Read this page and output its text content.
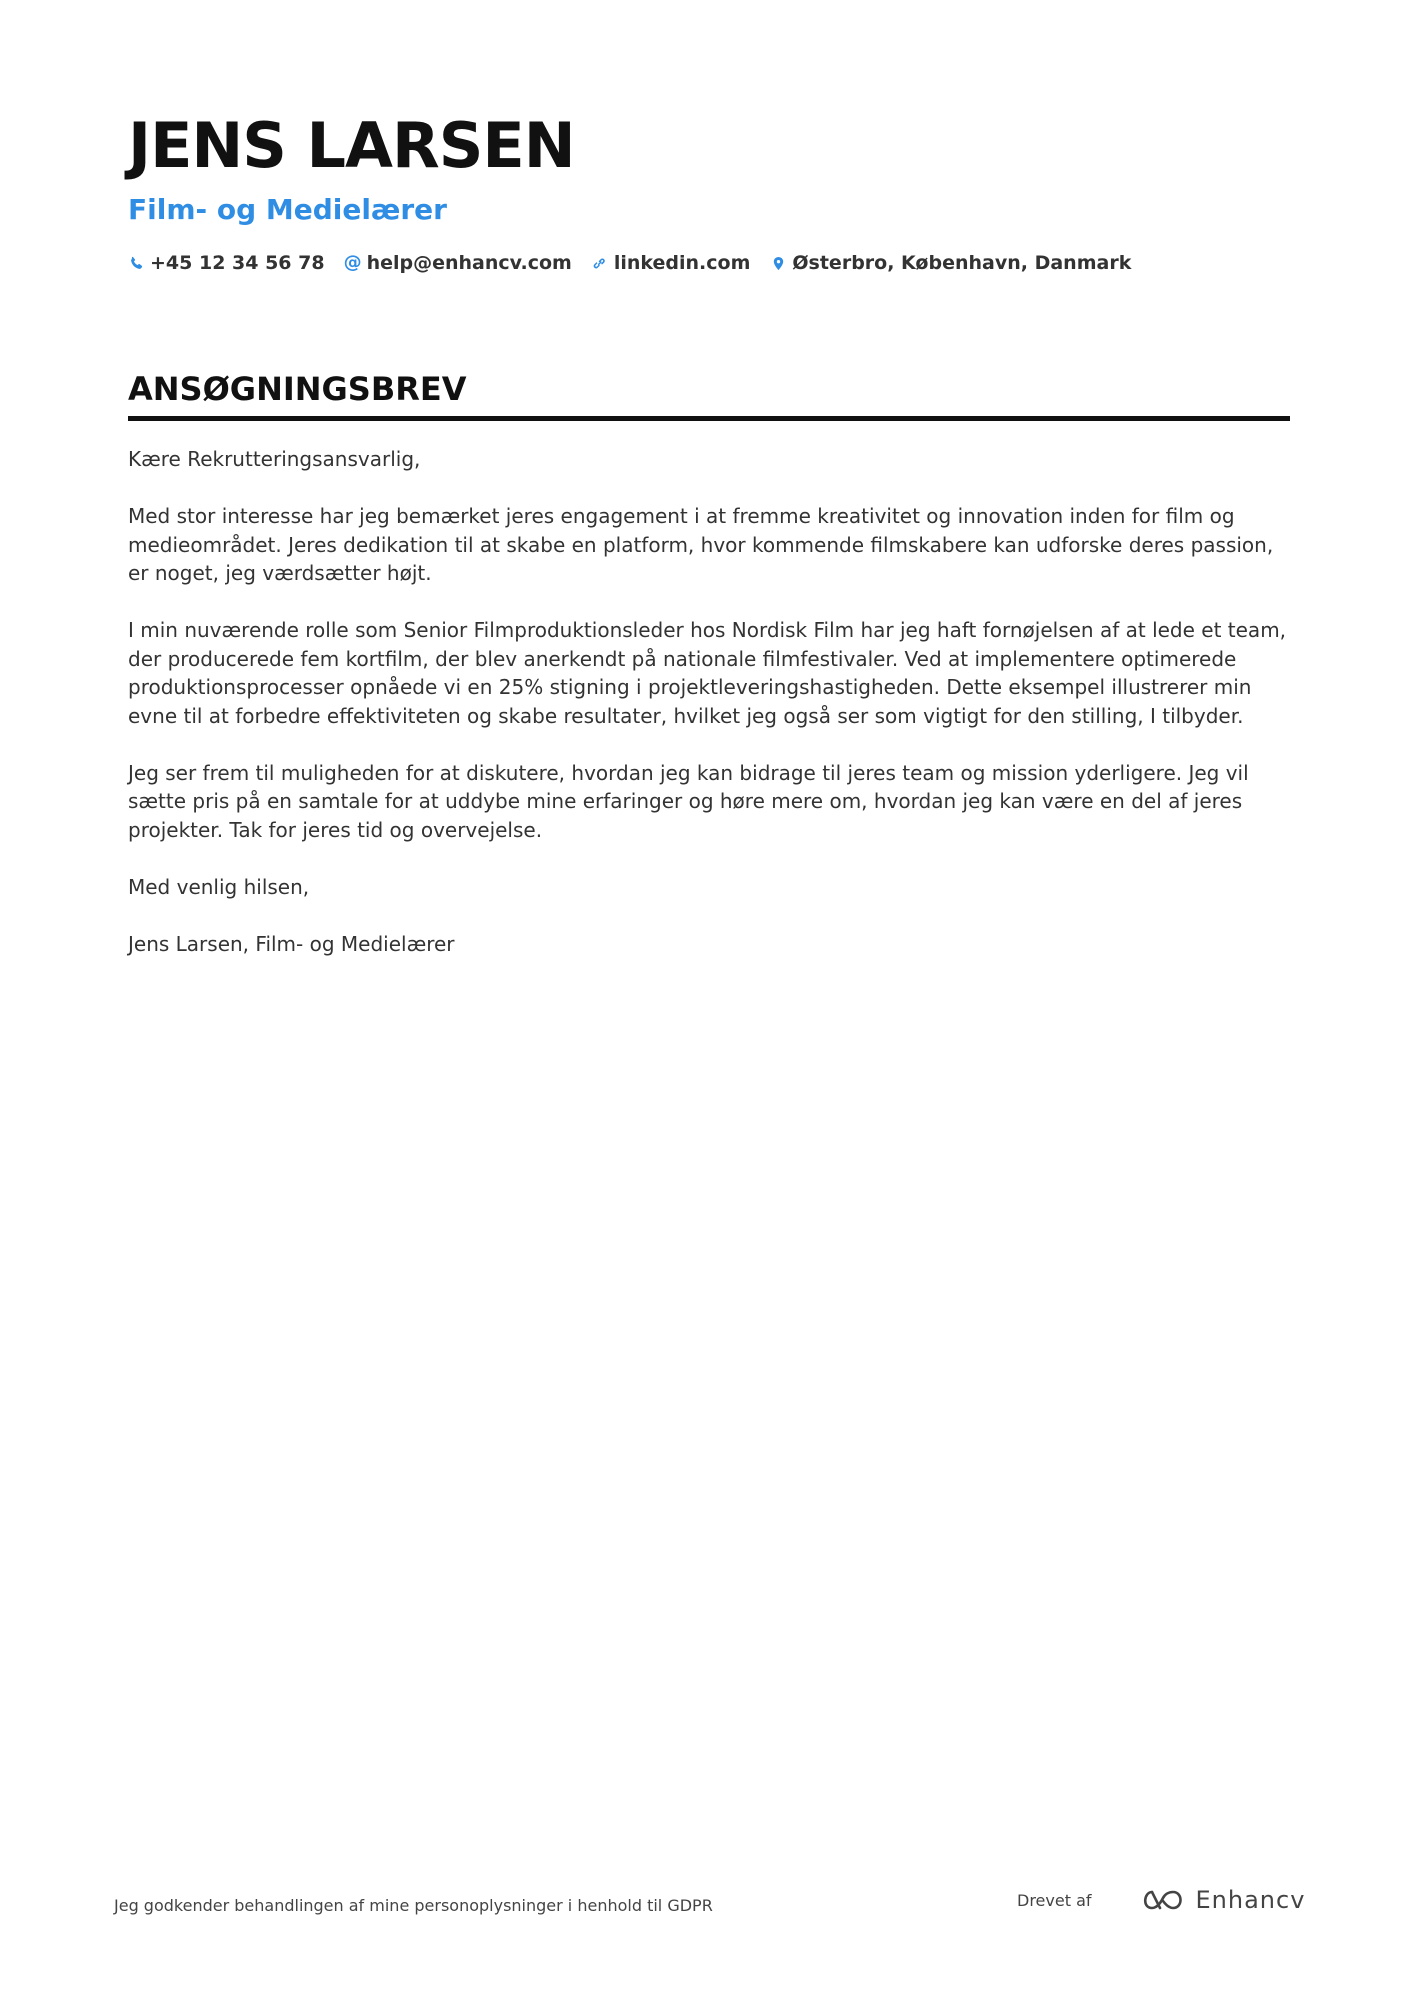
JENS LARSEN
Film- og Medielærer
+45 12 34 56 78 @ help@enhancv.com linkedin.com Østerbro, København, Danmark
ANSØGNINGSBREV

Kære Rekrutteringsansvarlig,

Med stor interesse har jeg bemærket jeres engagement i at fremme kreativitet og innovation inden for film og medieområdet. Jeres dedikation til at skabe en platform, hvor kommende filmskabere kan udforske deres passion, er noget, jeg værdsætter højt.

I min nuværende rolle som Senior Filmproduktionsleder hos Nordisk Film har jeg haft fornøjelsen af at lede et team, der producerede fem kortfilm, der blev anerkendt på nationale filmfestivaler. Ved at implementere optimerede produktionsprocesser opnåede vi en 25% stigning i projektleveringshastigheden. Dette eksempel illustrerer min evne til at forbedre effektiviteten og skabe resultater, hvilket jeg også ser som vigtigt for den stilling, I tilbyder.

Jeg ser frem til muligheden for at diskutere, hvordan jeg kan bidrage til jeres team og mission yderligere. Jeg vil sætte pris på en samtale for at uddybe mine erfaringer og høre mere om, hvordan jeg kan være en del af jeres projekter. Tak for jeres tid og overvejelse.

Med venlig hilsen,

Jens Larsen, Film- og Medielærer

Jeg godkender behandlingen af mine personoplysninger i henhold til GDPR	Drevet af	Enhancv
